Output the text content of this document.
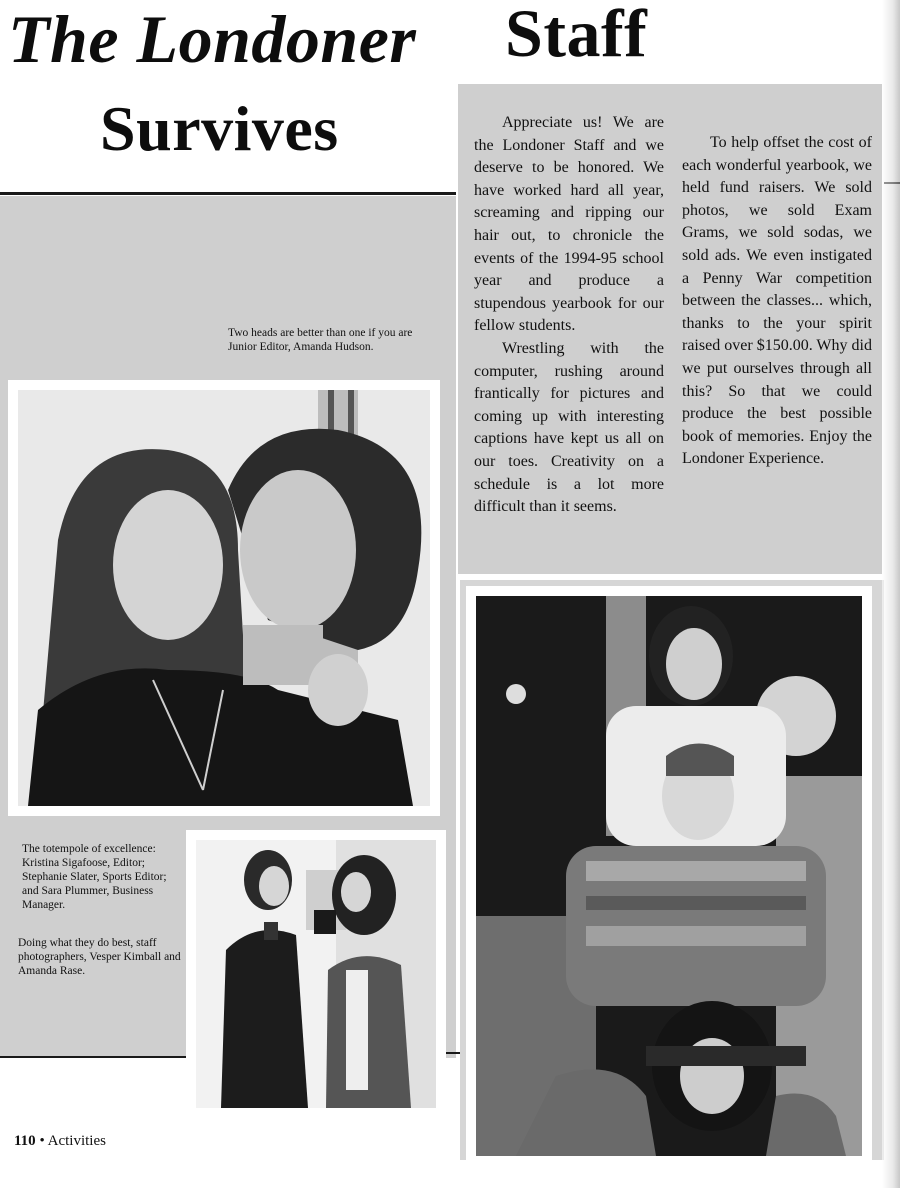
The Londoner Staff
Survives	Appreciate us! We are the Londoner Staff and we deserve to be honored. We have worked hard all year, screaming and ripping our hair out, to chronicle the events of the 1994-95 school year and produce a stupendous yearbook for our fellow students.

Wrestling with the computer, rushing around frantically for pictures and coming up with interesting captions have kept us all on our toes. Creativity on a schedule is a lot more difficult than it seems.

To help offset the cost of each wonderful yearbook, we held fund raisers. We sold photos, we sold Exam Grams, we sold sodas, we sold ads. We even instigated a Penny War competition between the classes... which, thanks to the your spirit raised over $150.00. Why did we put ourselves through all this? So that we could produce the best possible book of memories. Enjoy the Londoner Experience.

Two heads are better than one if you are Junior Editor, Amanda Hudson.
The totempole of excellence: Kristina Sigafoose, Editor; Stephanie Slater, Sports Editor; and Sara Plummer, Business Manager.
Doing what they do best, staff photographers, Vesper Kimball and Amanda Rase.
110 • Activities
